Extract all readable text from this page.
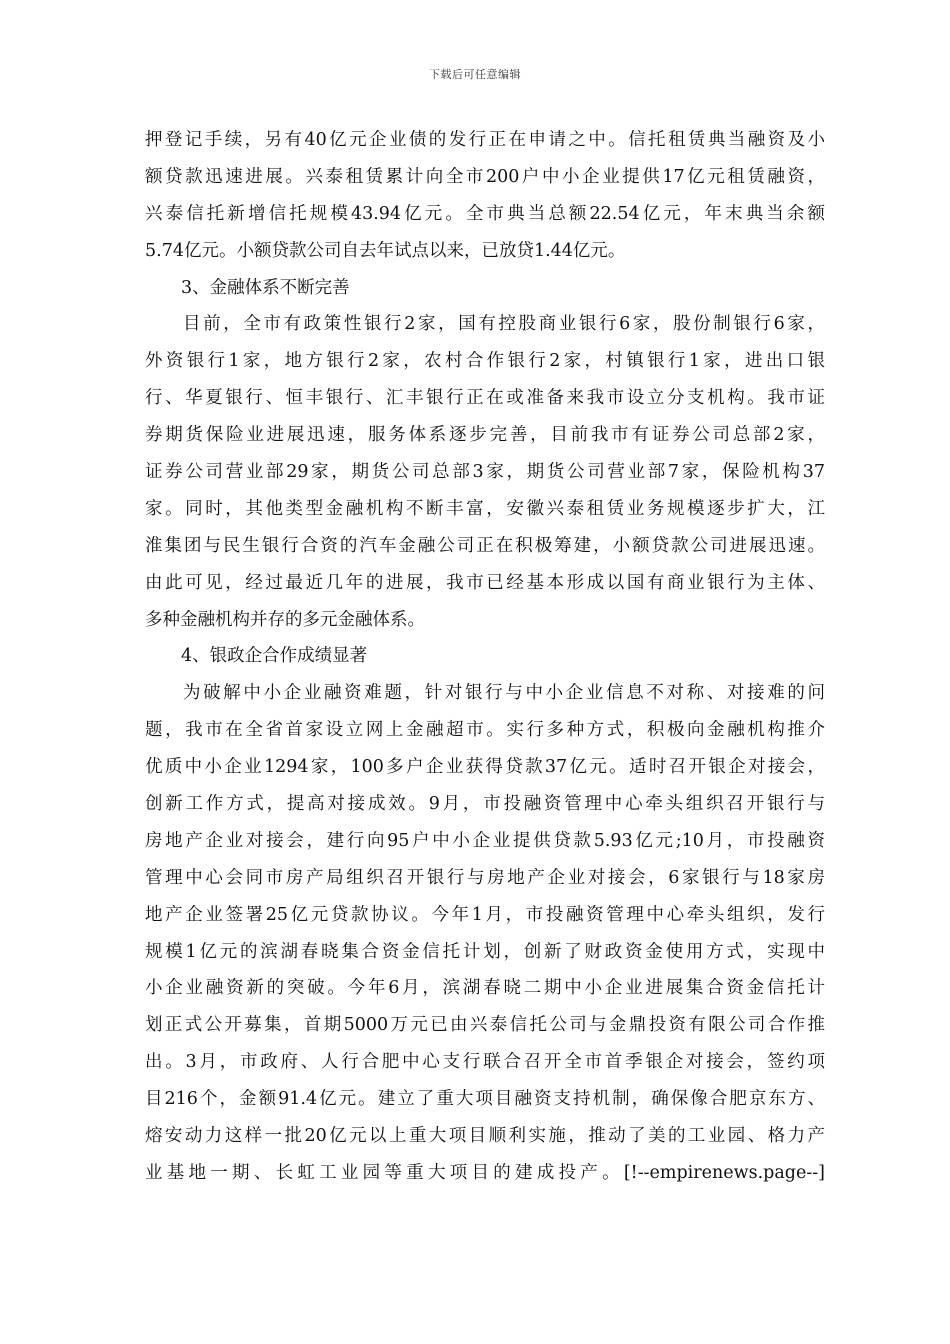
下载后可任意编辑
押登记手续，另有40亿元企业债的发行正在申请之中。信托租赁典当融资及小
额贷款迅速进展。兴泰租赁累计向全市200户中小企业提供17亿元租赁融资，
兴泰信托新增信托规模43.94亿元。全市典当总额22.54亿元，年末典当余额
5.74亿元。小额贷款公司自去年试点以来，已放贷1.44亿元。
3、金融体系不断完善
目前，全市有政策性银行2家，国有控股商业银行6家，股份制银行6家，
外资银行1家，地方银行2家，农村合作银行2家，村镇银行1家，进出口银
行、华夏银行、恒丰银行、汇丰银行正在或准备来我市设立分支机构。我市证
券期货保险业进展迅速，服务体系逐步完善，目前我市有证券公司总部2家，
证券公司营业部29家，期货公司总部3家，期货公司营业部7家，保险机构37
家。同时，其他类型金融机构不断丰富，安徽兴泰租赁业务规模逐步扩大，江
淮集团与民生银行合资的汽车金融公司正在积极筹建，小额贷款公司进展迅速。
由此可见，经过最近几年的进展，我市已经基本形成以国有商业银行为主体、
多种金融机构并存的多元金融体系。
4、银政企合作成绩显著
为破解中小企业融资难题，针对银行与中小企业信息不对称、对接难的问
题，我市在全省首家设立网上金融超市。实行多种方式，积极向金融机构推介
优质中小企业1294家，100多户企业获得贷款37亿元。适时召开银企对接会，
创新工作方式，提高对接成效。9月，市投融资管理中心牵头组织召开银行与
房地产企业对接会，建行向95户中小企业提供贷款5.93亿元;10月，市投融资
管理中心会同市房产局组织召开银行与房地产企业对接会，6家银行与18家房
地产企业签署25亿元贷款协议。今年1月，市投融资管理中心牵头组织，发行
规模1亿元的滨湖春晓集合资金信托计划，创新了财政资金使用方式，实现中
小企业融资新的突破。今年6月，滨湖春晓二期中小企业进展集合资金信托计
划正式公开募集，首期5000万元已由兴泰信托公司与金鼎投资有限公司合作推
出。3月，市政府、人行合肥中心支行联合召开全市首季银企对接会，签约项
目216个，金额91.4亿元。建立了重大项目融资支持机制，确保像合肥京东方、
熔安动力这样一批20亿元以上重大项目顺利实施，推动了美的工业园、格力产
业基地一期、长虹工业园等重大项目的建成投产。[!--empirenews.page--]
